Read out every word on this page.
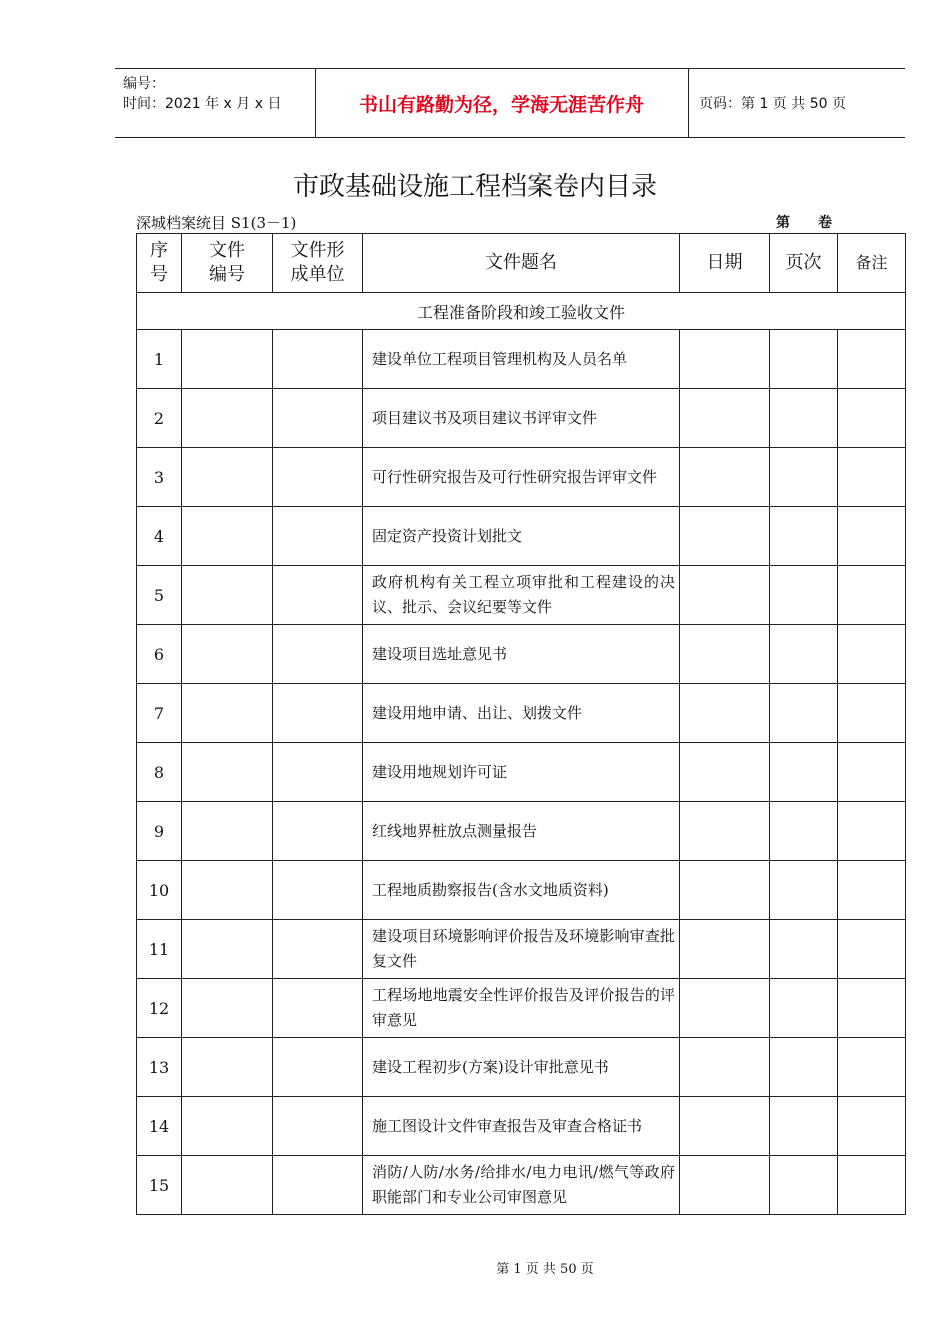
编号：
时间：2021 年 x 月 x 日	书山有路勤为径，学海无涯苦作舟	页码：第 1 页 共 50 页
市政基础设施工程档案卷内目录
深城档案统目 S1(3－1)	第　　卷
序号	文件编号	文件形成单位	文件题名	日期	页次	备注
工程准备阶段和竣工验收文件						
1			建设单位工程项目管理机构及人员名单			
2			项目建议书及项目建议书评审文件			
3			可行性研究报告及可行性研究报告评审文件			
4			固定资产投资计划批文			
5			政府机构有关工程立项审批和工程建设的决议、批示、会议纪要等文件			
6			建设项目选址意见书			
7			建设用地申请、出让、划拨文件			
8			建设用地规划许可证			
9			红线地界桩放点测量报告			
10			工程地质勘察报告(含水文地质资料)			
11			建设项目环境影响评价报告及环境影响审查批复文件			
12			工程场地地震安全性评价报告及评价报告的评审意见			
13			建设工程初步(方案)设计审批意见书			
14			施工图设计文件审查报告及审查合格证书			
15			消防/人防/水务/给排水/电力电讯/燃气等政府职能部门和专业公司审图意见			
第 1 页 共 50 页
